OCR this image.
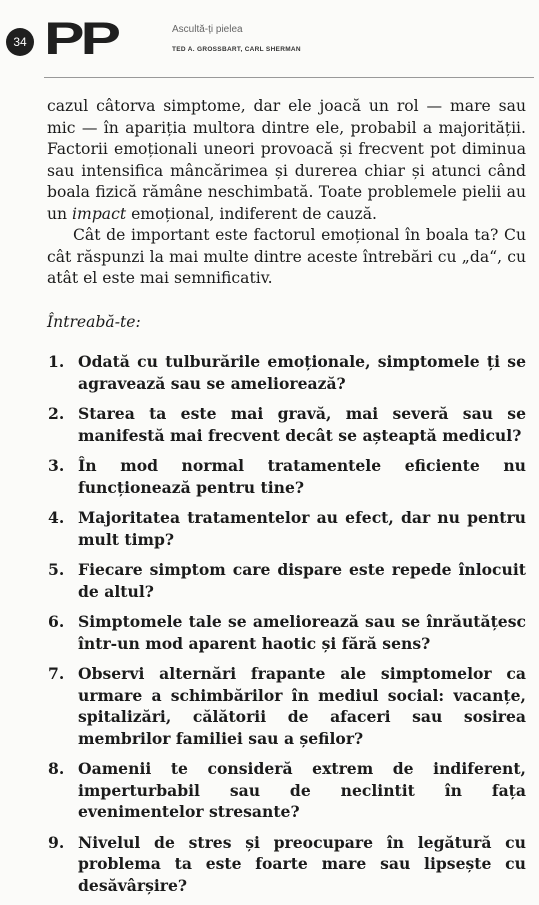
34 PP	Ascultă-ți pielea
TED A. GROSSBART, CARL SHERMAN

cazul câtorva simptome, dar ele joacă un rol — mare sau mic — în apariția multora dintre ele, probabil a majorității. Factorii emoționali uneori provoacă și frecvent pot diminua sau intensifica mâncărimea și durerea chiar și atunci când boala fizică rămâne neschimbată. Toate problemele pielii au un impact emoțional, indiferent de cauză.

Cât de important este factorul emoțional în boala ta? Cu cât răspunzi la mai multe dintre aceste întrebări cu „da“, cu atât el este mai semnificativ.

Întreabă-te:

1. Odată cu tulburările emoționale, simptomele ți se agravează sau se ameliorează?
2. Starea ta este mai gravă, mai severă sau se manifestă mai frecvent decât se așteaptă medicul?
3. În mod normal tratamentele eficiente nu funcționează pentru tine?
4. Majoritatea tratamentelor au efect, dar nu pentru mult timp?
5. Fiecare simptom care dispare este repede înlocuit de altul?
6. Simptomele tale se ameliorează sau se înrăutățesc într-un mod aparent haotic și fără sens?
7. Observi alternări frapante ale simptomelor ca urmare a schimbărilor în mediul social: vacanțe, spitalizări, călătorii de afaceri sau sosirea membrilor familiei sau a șefilor?
8. Oamenii te consideră extrem de indiferent, imperturbabil sau de neclintit în fața evenimentelor stresante?
9. Nivelul de stres și preocupare în legătură cu problema ta este foarte mare sau lipsește cu desăvârșire?
